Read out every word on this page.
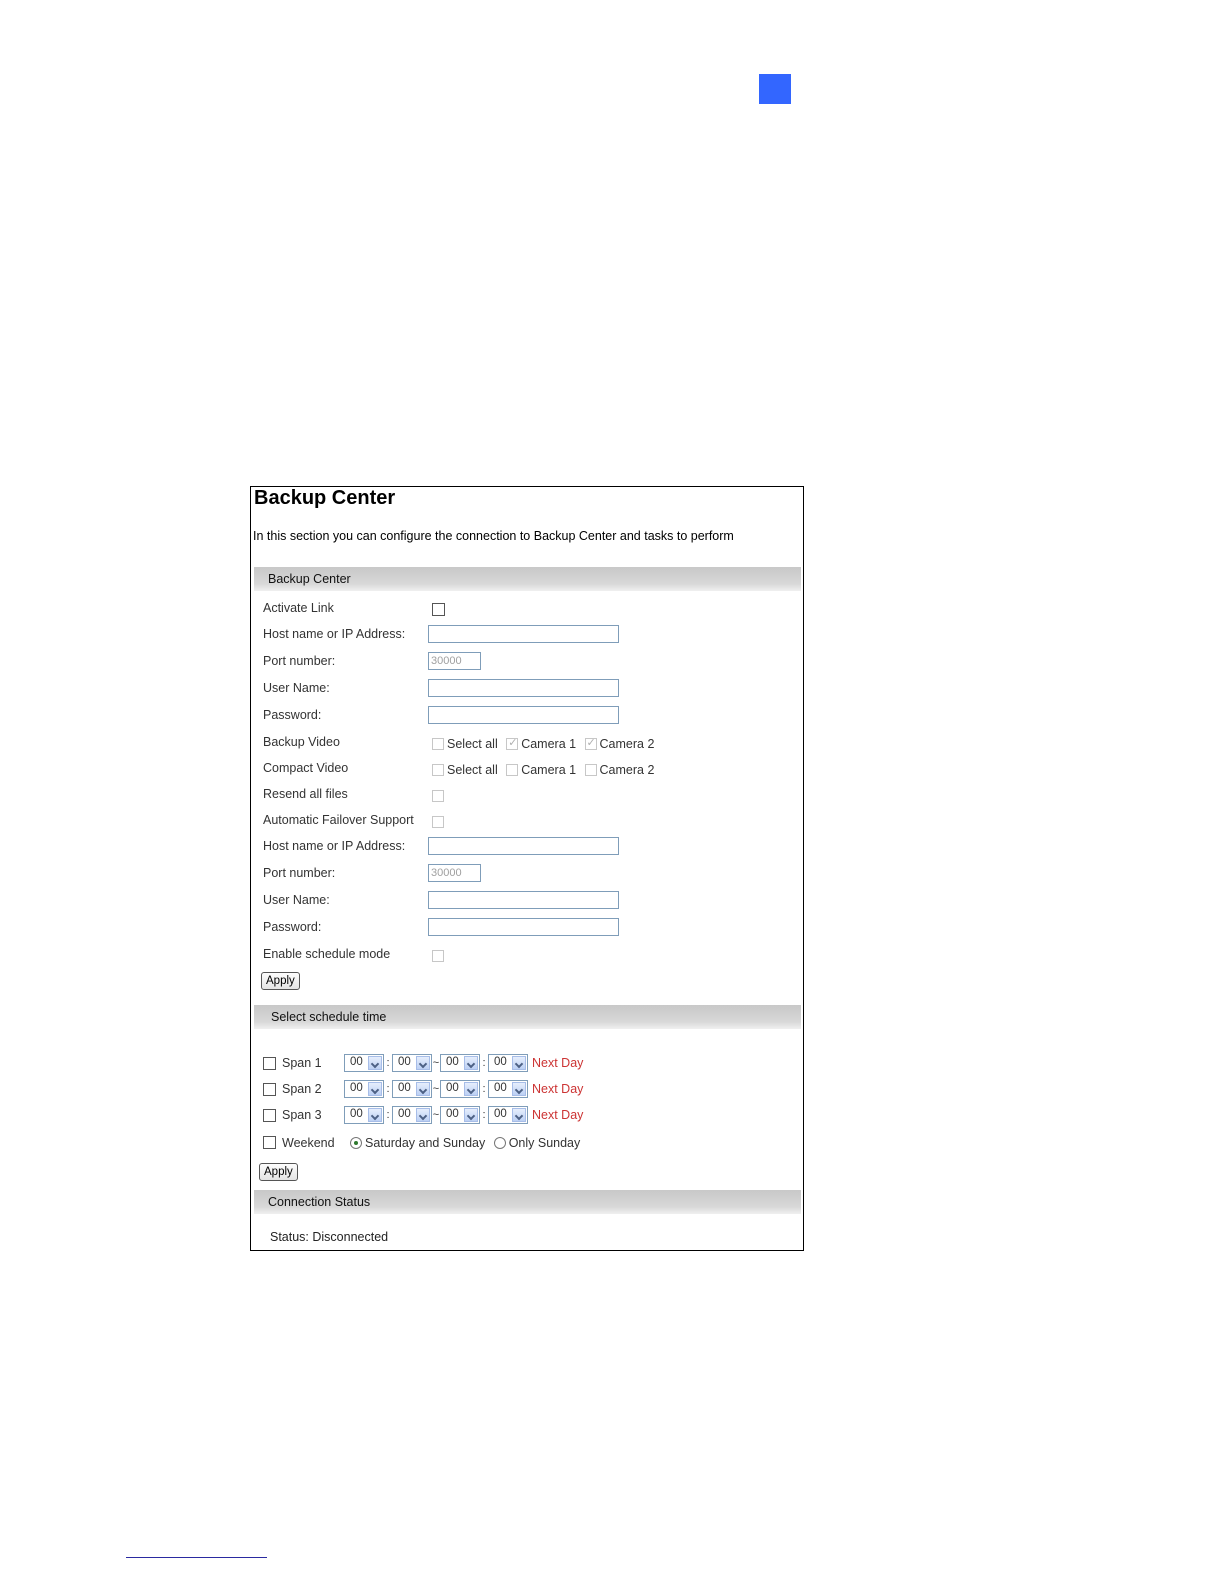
Backup Center
In this section you can configure the connection to Backup Center and tasks to perform
Backup Center
Activate Link
Host name or IP Address:
Port number:	30000
User Name:
Password:
Backup Video	Select all ✓ Camera 1 ✓ Camera 2
Compact Video	Select all Camera 1 Camera 2
Resend all files
Automatic Failover Support
Host name or IP Address:
Port number:	30000
User Name:
Password:
Enable schedule mode
Apply
Select schedule time
Span 1 00 : 00 ~ 00 : 00 Next Day
Span 2 00 : 00 ~ 00 : 00 Next Day
Span 3 00 : 00 ~ 00 : 00 Next Day
Weekend Saturday and Sunday Only Sunday
Apply
Connection Status
Status: Disconnected
